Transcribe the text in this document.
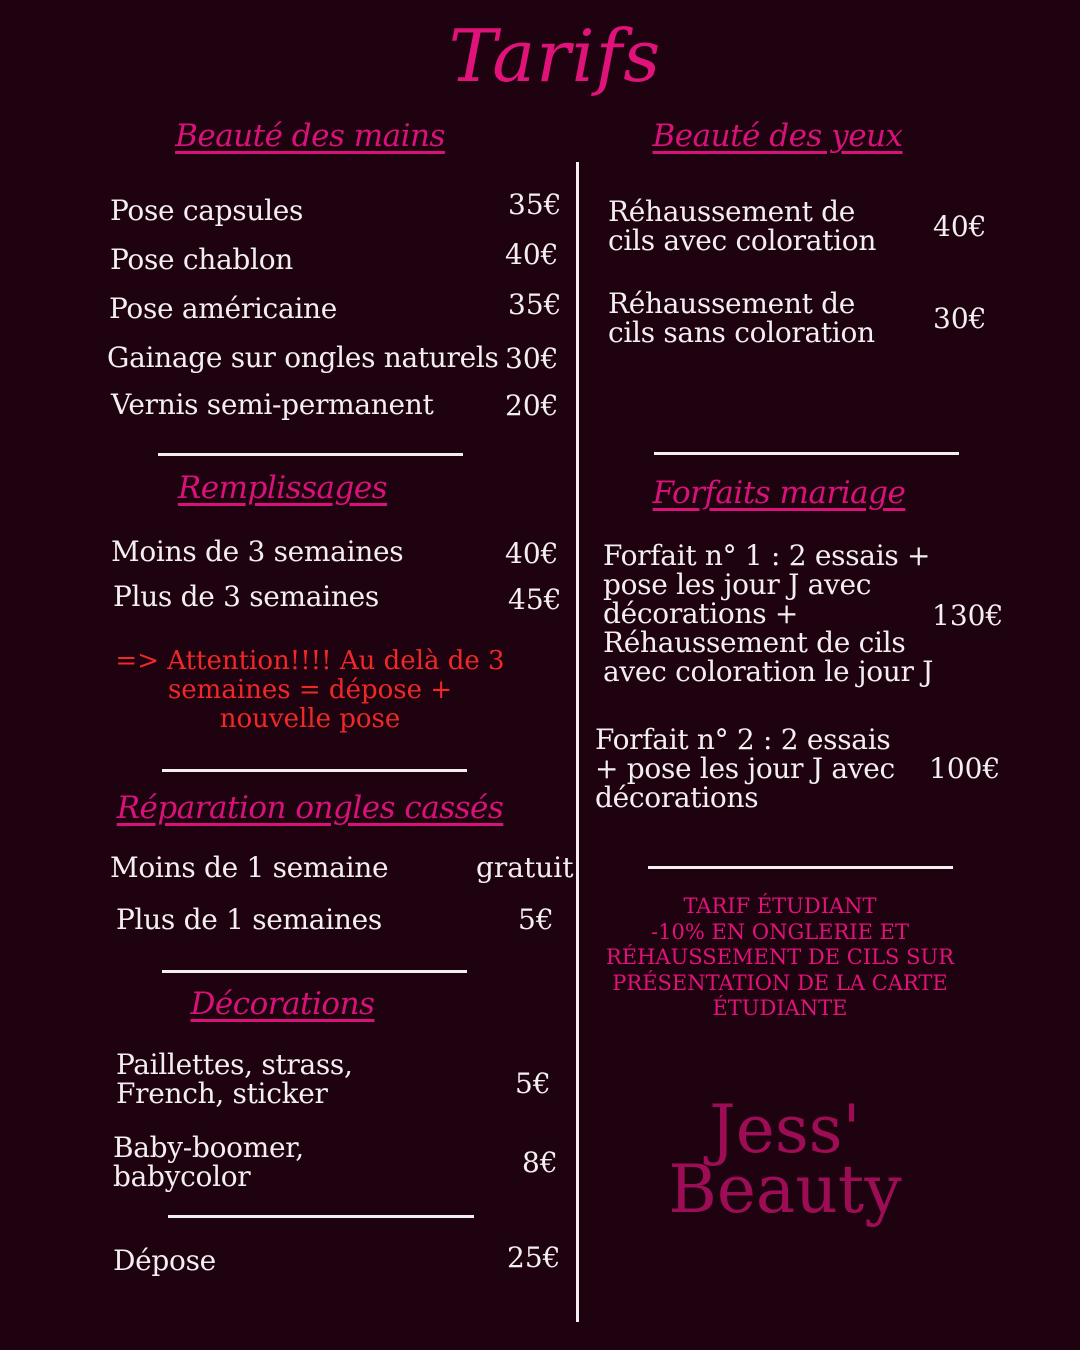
Tarifs
Beauté des mains
Pose capsules	35€
Pose chablon	40€
Pose américaine	35€
Gainage sur ongles naturels 30€
Vernis semi-permanent	20€
Remplissages
Moins de 3 semaines	40€
Plus de 3 semaines	45€
=> Attention!!!! Au delà de 3 semaines = dépose + nouvelle pose
Réparation ongles cassés
Moins de 1 semaine	gratuit
Plus de 1 semaines	5€
Décorations
Paillettes, strass,
French, sticker	5€
Baby-boomer,
babycolor	8€
Dépose	25€
Beauté des yeux
Réhaussement de
cils avec coloration 40€
Réhaussement de
cils sans coloration 30€
Forfaits mariage
Forfait n° 1 : 2 essais +
pose les jour J avec
décorations +
Réhaussement de cils
avec coloration le jour J
130€
Forfait n° 2 : 2 essais
+ pose les jour J avec
décorations
100€
TARIF ÉTUDIANT
-10% EN ONGLERIE ET RÉHAUSSEMENT DE CILS SUR PRÉSENTATION DE LA CARTE ÉTUDIANTE
Jess'
Beauty
